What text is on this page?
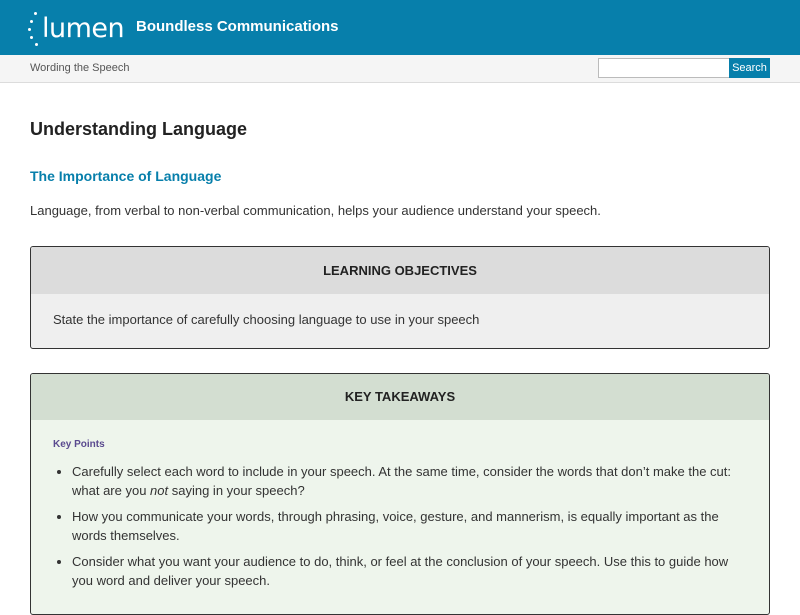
lumen Boundless Communications
Wording the Speech	Search
Understanding Language
The Importance of Language

Language, from verbal to non-verbal communication, helps your audience understand your speech.

LEARNING OBJECTIVES
State the importance of carefully choosing language to use in your speech
KEY TAKEAWAYS
Key Points
• Carefully select each word to include in your speech. At the same time, consider the words that don’t make the cut: what are you not saying in your speech?
• How you communicate your words, through phrasing, voice, gesture, and mannerism, is equally important as the words themselves.
• Consider what you want your audience to do, think, or feel at the conclusion of your speech. Use this to guide how you word and deliver your speech.
